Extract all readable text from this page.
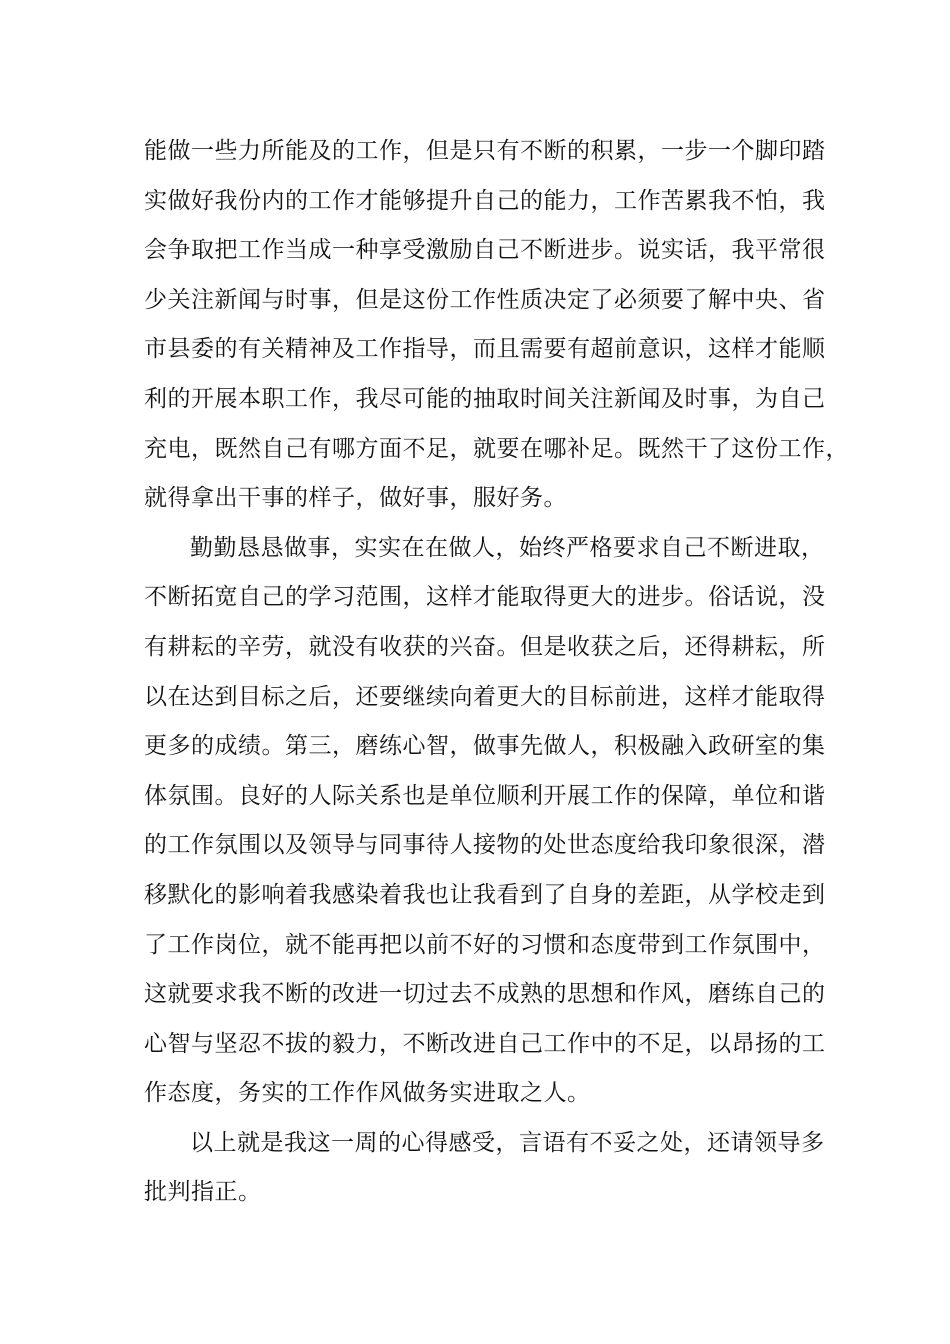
能做一些力所能及的工作，但是只有不断的积累，一步一个脚印踏
实做好我份内的工作才能够提升自己的能力，工作苦累我不怕，我
会争取把工作当成一种享受激励自己不断进步。说实话，我平常很
少关注新闻与时事，但是这份工作性质决定了必须要了解中央、省
市县委的有关精神及工作指导，而且需要有超前意识，这样才能顺
利的开展本职工作，我尽可能的抽取时间关注新闻及时事，为自己
充电，既然自己有哪方面不足，就要在哪补足。既然干了这份工作，
就得拿出干事的样子，做好事，服好务。
勤勤恳恳做事，实实在在做人，始终严格要求自己不断进取，
不断拓宽自己的学习范围，这样才能取得更大的进步。俗话说，没
有耕耘的辛劳，就没有收获的兴奋。但是收获之后，还得耕耘，所
以在达到目标之后，还要继续向着更大的目标前进，这样才能取得
更多的成绩。第三，磨练心智，做事先做人，积极融入政研室的集
体氛围。良好的人际关系也是单位顺利开展工作的保障，单位和谐
的工作氛围以及领导与同事待人接物的处世态度给我印象很深，潜
移默化的影响着我感染着我也让我看到了自身的差距，从学校走到
了工作岗位，就不能再把以前不好的习惯和态度带到工作氛围中，
这就要求我不断的改进一切过去不成熟的思想和作风，磨练自己的
心智与坚忍不拔的毅力，不断改进自己工作中的不足，以昂扬的工
作态度，务实的工作作风做务实进取之人。
以上就是我这一周的心得感受，言语有不妥之处，还请领导多
批判指正。
